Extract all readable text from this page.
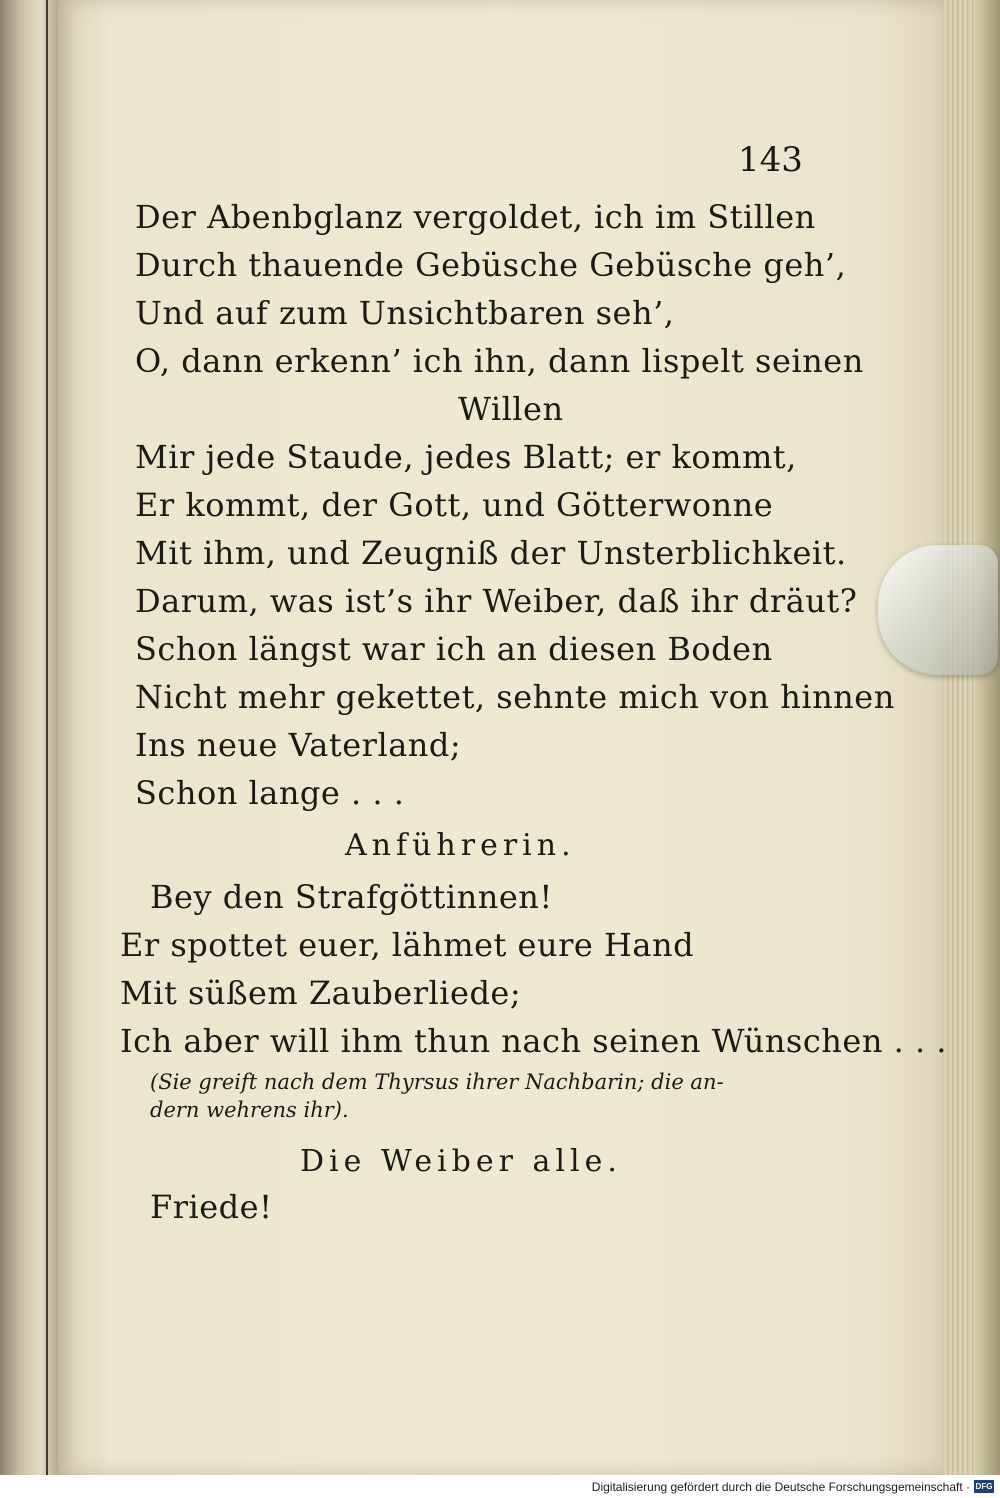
143
Der Abenbglanz vergoldet, ich im Stillen
Durch thauende Gebüsche Gebüsche geh’,
Und auf zum Unsichtbaren seh’,
O, dann erkenn’ ich ihn, dann lispelt seinen
Willen
Mir jede Staude, jedes Blatt; er kommt,
Er kommt, der Gott, und Götterwonne
Mit ihm, und Zeugniß der Unsterblichkeit.
Darum, was ist’s ihr Weiber, daß ihr dräut?
Schon längst war ich an diesen Boden
Nicht mehr gekettet, sehnte mich von hinnen
Ins neue Vaterland;
Schon lange . . .
Anführerin.
Bey den Strafgöttinnen!
Er spottet euer, lähmet eure Hand
Mit süßem Zauberliede;
Ich aber will ihm thun nach seinen Wünschen . . .
(Sie greift nach dem Thyrsus ihrer Nachbarin; die an-
dern wehrens ihr).
Die Weiber alle.
Friede!
Digitalisierung gefördert durch die Deutsche Forschungsgemeinschaft · DFG
